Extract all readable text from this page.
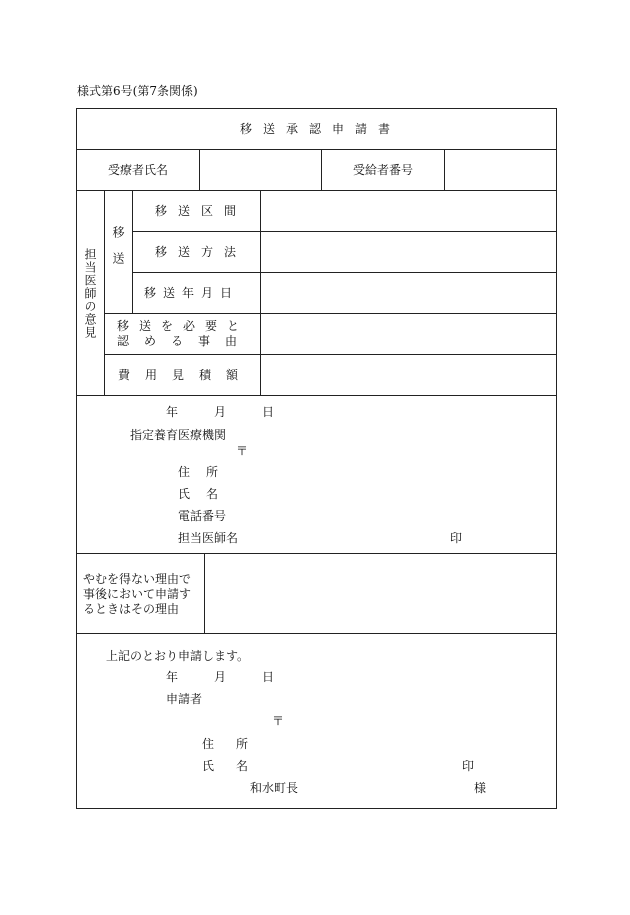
様式第6号(第7条関係)
移送承認申請書
受療者氏名	受給者番号
担当医師の意見 移送
移送区間
移送方法
移送年月日
移送を必要と
認める事由
費用見積額
年	月	日
指定養育医療機関
〒
住所
氏名
電話番号
担当医師名	印
やむを得ない理由で
事後において申請す
るときはその理由
上記のとおり申請します。
年	月	日
申請者
〒
住所
氏名	印
和水町長	様
